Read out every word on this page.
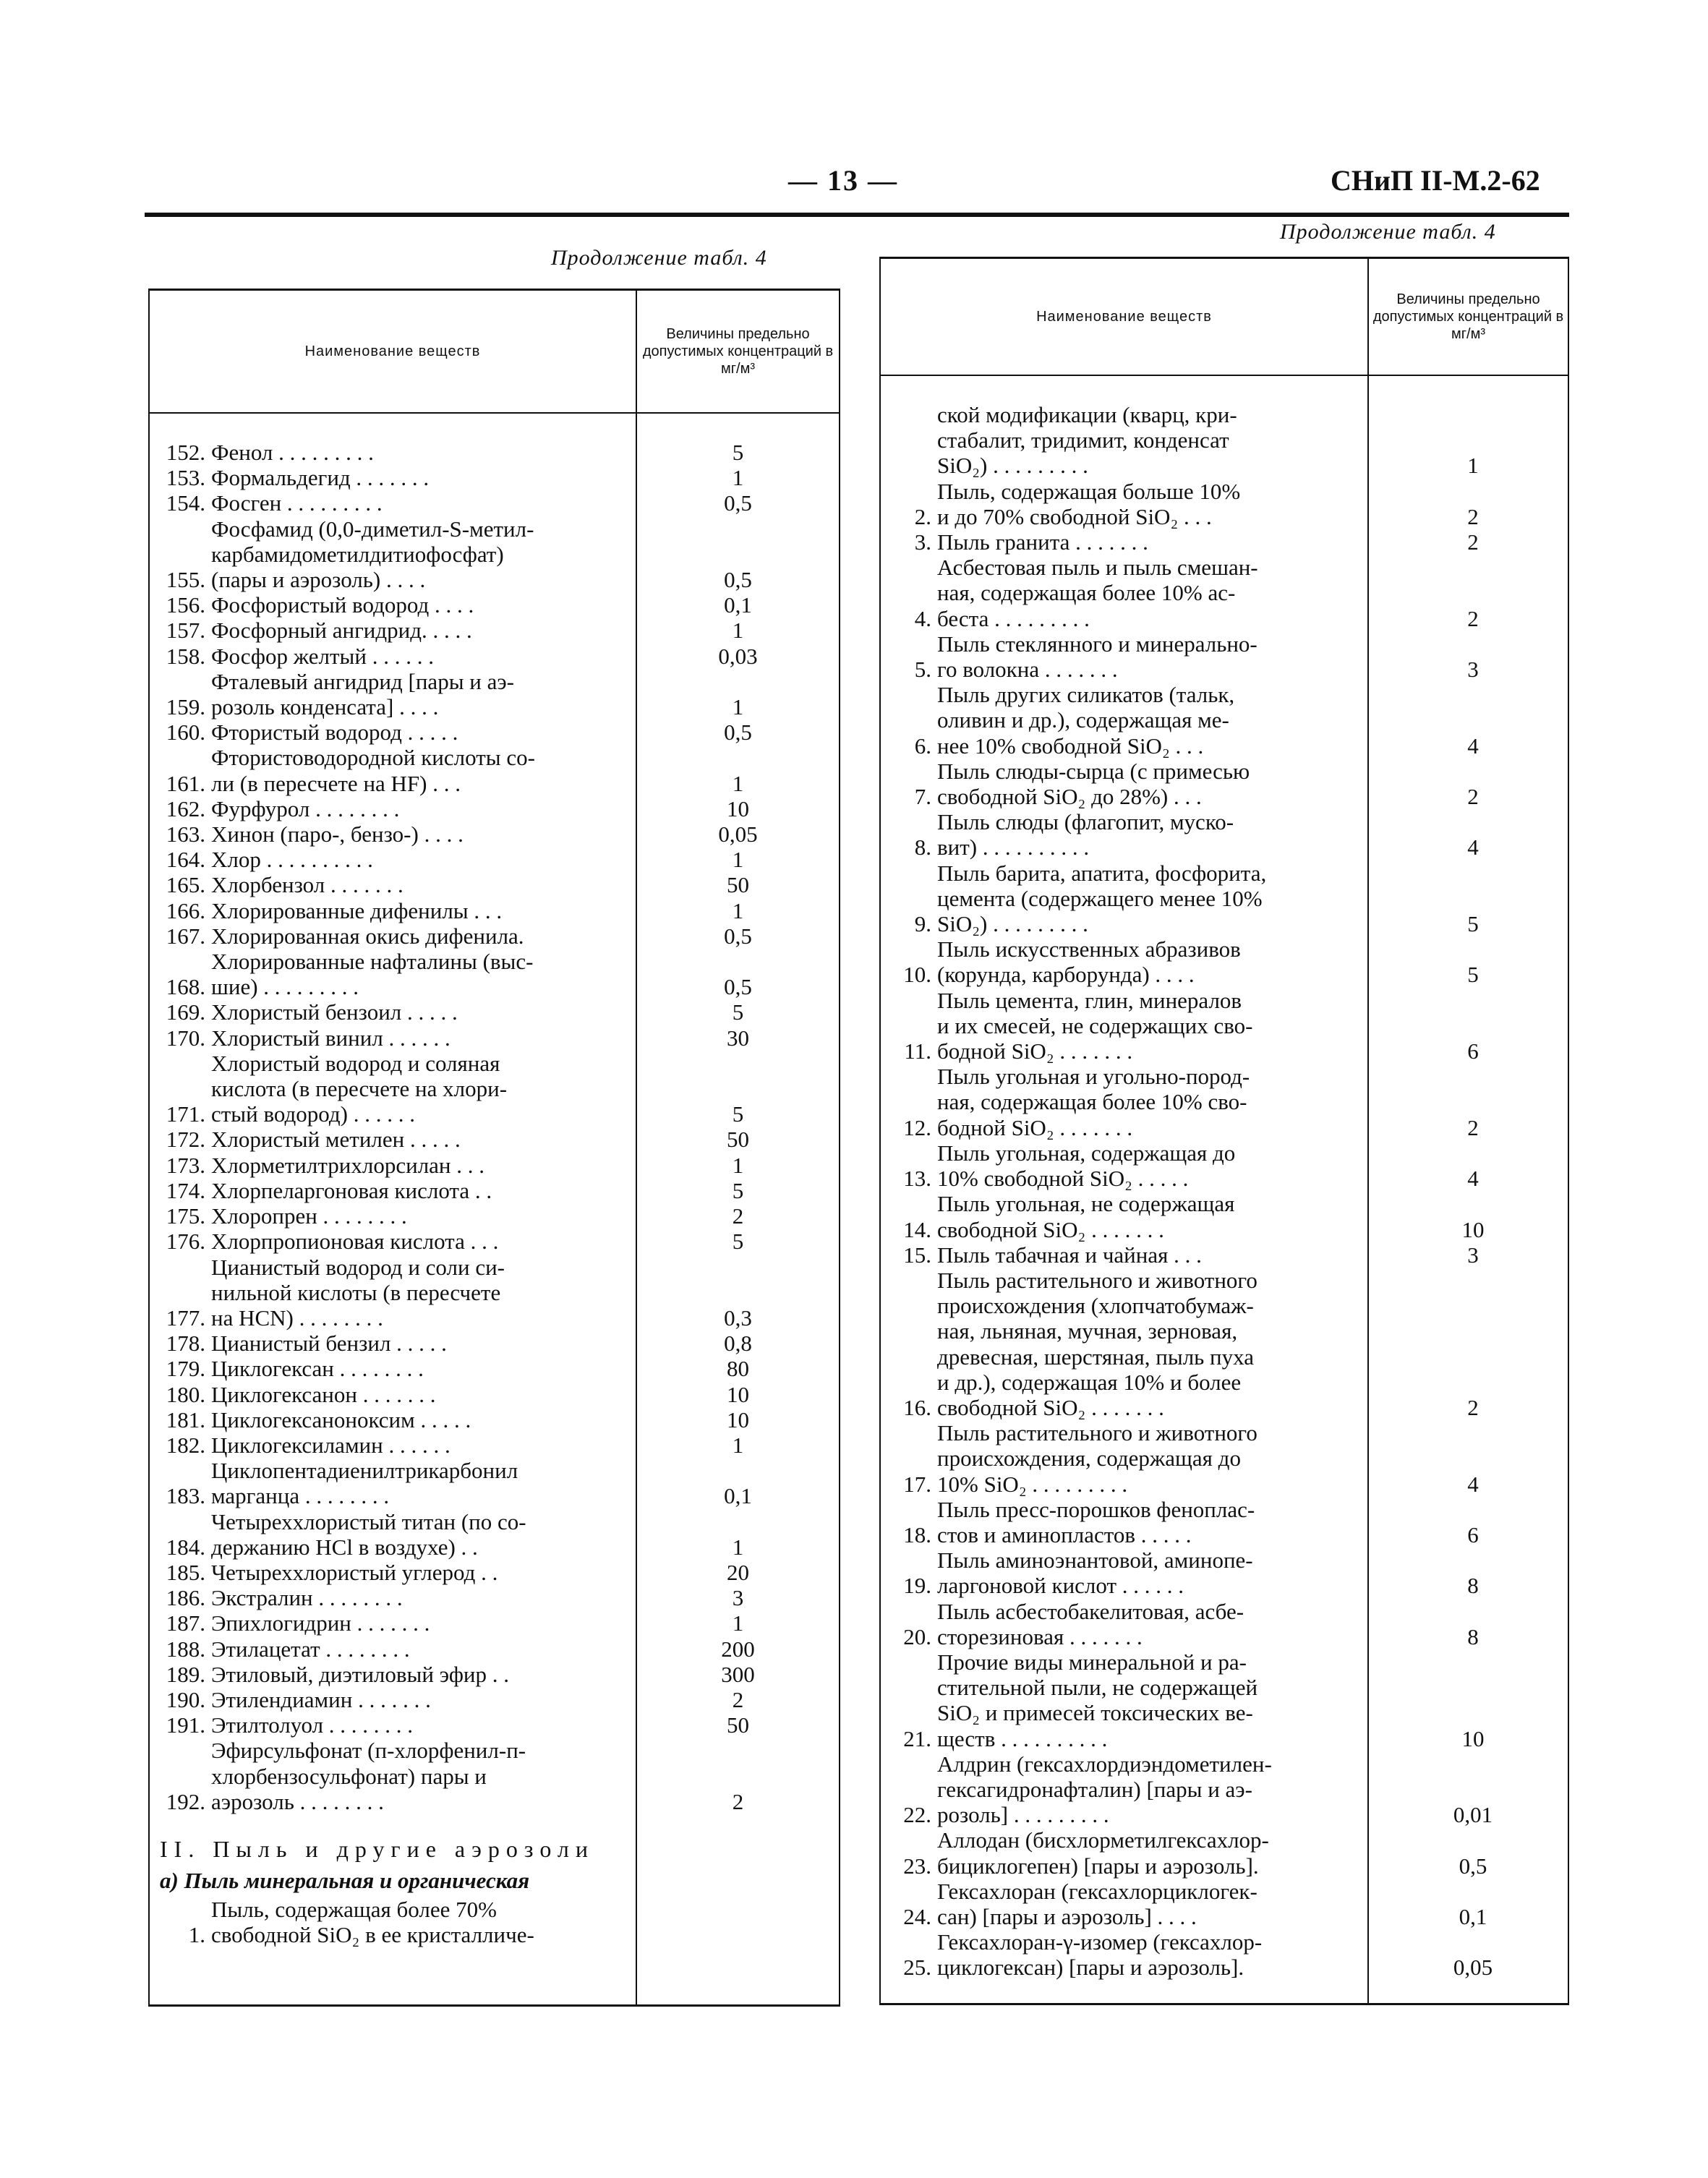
— 13 —	СНиП II-М.2-62
Продолжение табл. 4
Продолжение табл. 4
Наименование веществ
Величины предельно допустимых концентраций в мг/м³
152. Фенол . . . . . . . . .	5
153. Формальдегид . . . . . . .	1
154. Фосген . . . . . . . . .	0,5
155.
Фосфамид (0,0-диметил-S-метил-
карбамидометилдитиофосфат)
(пары и аэрозоль) . . . .	0,5
156. Фосфористый водород . . . .	0,1
157. Фосфорный ангидрид. . . . .	1
158. Фосфор желтый . . . . . .	0,03
159.
Фталевый ангидрид [пары и аэ-
розоль конденсата] . . . .	1
160. Фтористый водород . . . . .	0,5
161.
Фтористоводородной кислоты со-
ли (в пересчете на HF) . . .	1
162. Фурфурол . . . . . . . .	10
163. Хинон (паро-, бензо-) . . . .	0,05
164. Хлор . . . . . . . . . .	1
165. Хлорбензол . . . . . . .	50
166. Хлорированные дифенилы . . .	1
167. Хлорированная окись дифенила.	0,5
168.
Хлорированные нафталины (выс-
шие) . . . . . . . . .	0,5
169. Хлористый бензоил . . . . .	5
170. Хлористый винил . . . . . .	30
171.
Хлористый водород и соляная
кислота (в пересчете на хлори-
стый водород) . . . . . .	5
172. Хлористый метилен . . . . .	50
173. Хлорметилтрихлорсилан . . .	1
174. Хлорпеларгоновая кислота . .	5
175. Хлоропрен . . . . . . . .	2
176. Хлорпропионовая кислота . . .	5
177.
Цианистый водород и соли си-
нильной кислоты (в пересчете
на HCN) . . . . . . . .	0,3
178. Цианистый бензил . . . . .	0,8
179. Циклогексан . . . . . . . .	80
180. Циклогексанон . . . . . . .	10
181. Циклогексаноноксим . . . . .	10
182. Циклогексиламин . . . . . .	1
183.
Циклопентадиенилтрикарбонил
марганца . . . . . . . .	0,1
184.
Четыреххлористый титан (по со-
держанию HCl в воздухе) . .	1
185. Четыреххлористый углерод . .	20
186. Экстралин . . . . . . . .	3
187. Эпихлогидрин . . . . . . .	1
188. Этилацетат . . . . . . . .	200
189. Этиловый, диэтиловый эфир . .	300
190. Этилендиамин . . . . . . .	2
191. Этилтолуол . . . . . . . .	50
192.
Эфирсульфонат (п-хлорфенил-п-
хлорбензосульфонат) пары и
аэрозоль . . . . . . . .	2
II. Пыль и другие аэрозоли
а) Пыль минеральная и органическая
1.
Пыль, содержащая более 70%
свободной SiO₂ в ее кристалличе-
Наименование веществ
Величины предельно допустимых концентраций в мг/м³
ской модификации (кварц, кри-
стабалит, тридимит, конденсат
SiO₂) . . . . . . . . .	1
2.
Пыль, содержащая больше 10%
и до 70% свободной SiO₂ . . .	2
3. Пыль гранита . . . . . . .	2
4.
Асбестовая пыль и пыль смешан-
ная, содержащая более 10% ас-
беста . . . . . . . . .	2
5.
Пыль стеклянного и минерально-
го волокна . . . . . . .	3
6.
Пыль других силикатов (тальк,
оливин и др.), содержащая ме-
нее 10% свободной SiO₂ . . .	4
7.
Пыль слюды-сырца (с примесью
свободной SiO₂ до 28%) . . .	2
8.
Пыль слюды (флагопит, муско-
вит) . . . . . . . . . .	4
9.
Пыль барита, апатита, фосфорита,
цемента (содержащего менее 10%
SiO₂) . . . . . . . . .	5
10.
Пыль искусственных абразивов
(корунда, карборунда) . . . .	5
11.
Пыль цемента, глин, минералов
и их смесей, не содержащих сво-
бодной SiO₂ . . . . . . .	6
12.
Пыль угольная и угольно-пород-
ная, содержащая более 10% сво-
бодной SiO₂ . . . . . . .	2
13.
Пыль угольная, содержащая до
10% свободной SiO₂ . . . . .	4
14.
Пыль угольная, не содержащая
свободной SiO₂ . . . . . . .	10
15. Пыль табачная и чайная . . .	3
16.
Пыль растительного и животного
происхождения (хлопчатобумаж-
ная, льняная, мучная, зерновая,
древесная, шерстяная, пыль пуха
и др.), содержащая 10% и более
свободной SiO₂ . . . . . . .	2
17.
Пыль растительного и животного
происхождения, содержащая до
10% SiO₂ . . . . . . . . .	4
18.
Пыль пресс-порошков феноплас-
стов и аминопластов . . . . .	6
19.
Пыль аминоэнантовой, аминопе-
ларгоновой кислот . . . . . .	8
20.
Пыль асбестобакелитовая, асбе-
сторезиновая . . . . . . .	8
21.
Прочие виды минеральной и ра-
стительной пыли, не содержащей
SiO₂ и примесей токсических ве-
ществ . . . . . . . . . .	10
22.
Алдрин (гексахлордиэндометилен-
гексагидронафталин) [пары и аэ-
розоль] . . . . . . . . .	0,01
23.
Аллодан (бисхлорметилгексахлор-
бициклогепен) [пары и аэрозоль].	0,5
24.
Гексахлоран (гексахлорциклогек-
сан) [пары и аэрозоль] . . . .	0,1
25.
Гексахлоран-γ-изомер (гексахлор-
циклогексан) [пары и аэрозоль].	0,05
